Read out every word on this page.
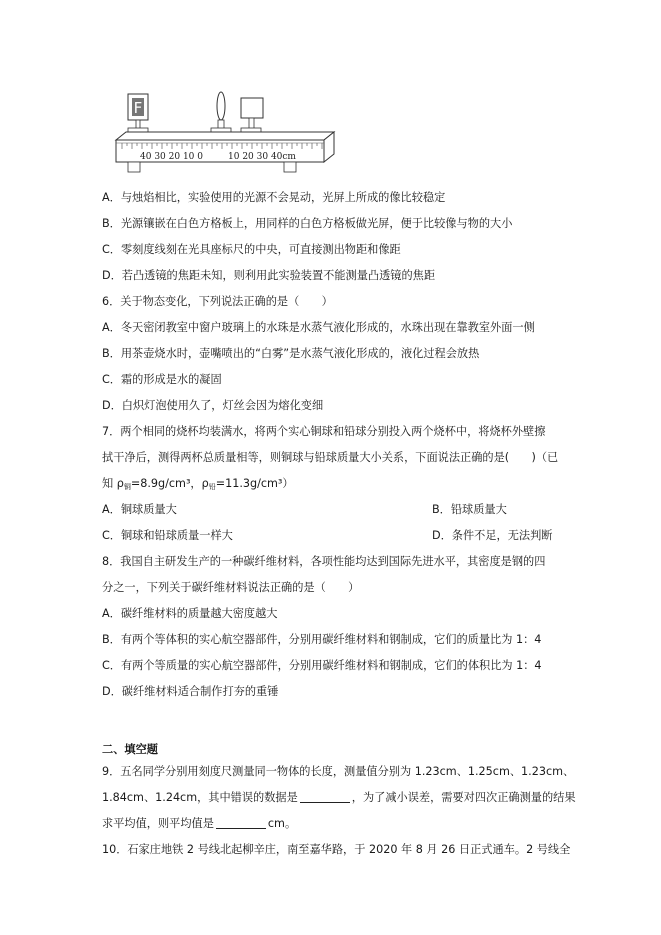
F
40 30 20 10 0	10 20 30 40cm
A．与烛焰相比，实验使用的光源不会晃动，光屏上所成的像比较稳定
B．光源镶嵌在白色方格板上，用同样的白色方格板做光屏，便于比较像与物的大小
C．零刻度线刻在光具座标尺的中央，可直接测出物距和像距
D．若凸透镜的焦距未知，则利用此实验装置不能测量凸透镜的焦距
6．关于物态变化，下列说法正确的是（　　）
A．冬天密闭教室中窗户玻璃上的水珠是水蒸气液化形成的，水珠出现在靠教室外面一侧
B．用茶壶烧水时，壶嘴喷出的“白雾”是水蒸气液化形成的，液化过程会放热
C．霜的形成是水的凝固
D．白炽灯泡使用久了，灯丝会因为熔化变细
7．两个相同的烧杯均装满水，将两个实心铜球和铅球分别投入两个烧杯中，将烧杯外壁擦
拭干净后，测得两杯总质量相等，则铜球与铅球质量大小关系，下面说法正确的是(　　)（已
知 $\rho_铜=8.9g$/cm³，$\rho_铅=11.3g/cm^3$）
A．铜球质量大	B．铅球质量大
C．铜球和铅球质量一样大	D．条件不足，无法判断
8．我国自主研发生产的一种碳纤维材料，各项性能均达到国际先进水平，其密度是钢的四
分之一，下列关于碳纤维材料说法正确的是（　　）
A．碳纤维材料的质量越大密度越大
B．有两个等体积的实心航空器部件，分别用碳纤维材料和钢制成，它们的质量比为 1：4
C．有两个等质量的实心航空器部件，分别用碳纤维材料和钢制成，它们的体积比为 1：4
D．碳纤维材料适合制作打夯的重锤
二、填空题
9．五名同学分别用刻度尺测量同一物体的长度，测量值分别为 1.23cm、1.25cm、1.23cm、
1.84cm、1.24cm，其中错误的数据是	，为了减小误差，需要对四次正确测量的结果
求平均值，则平均值是	cm。
10．石家庄地铁 2 号线北起柳辛庄，南至嘉华路，于 2020 年 8 月 26 日正式通车。2 号线全
